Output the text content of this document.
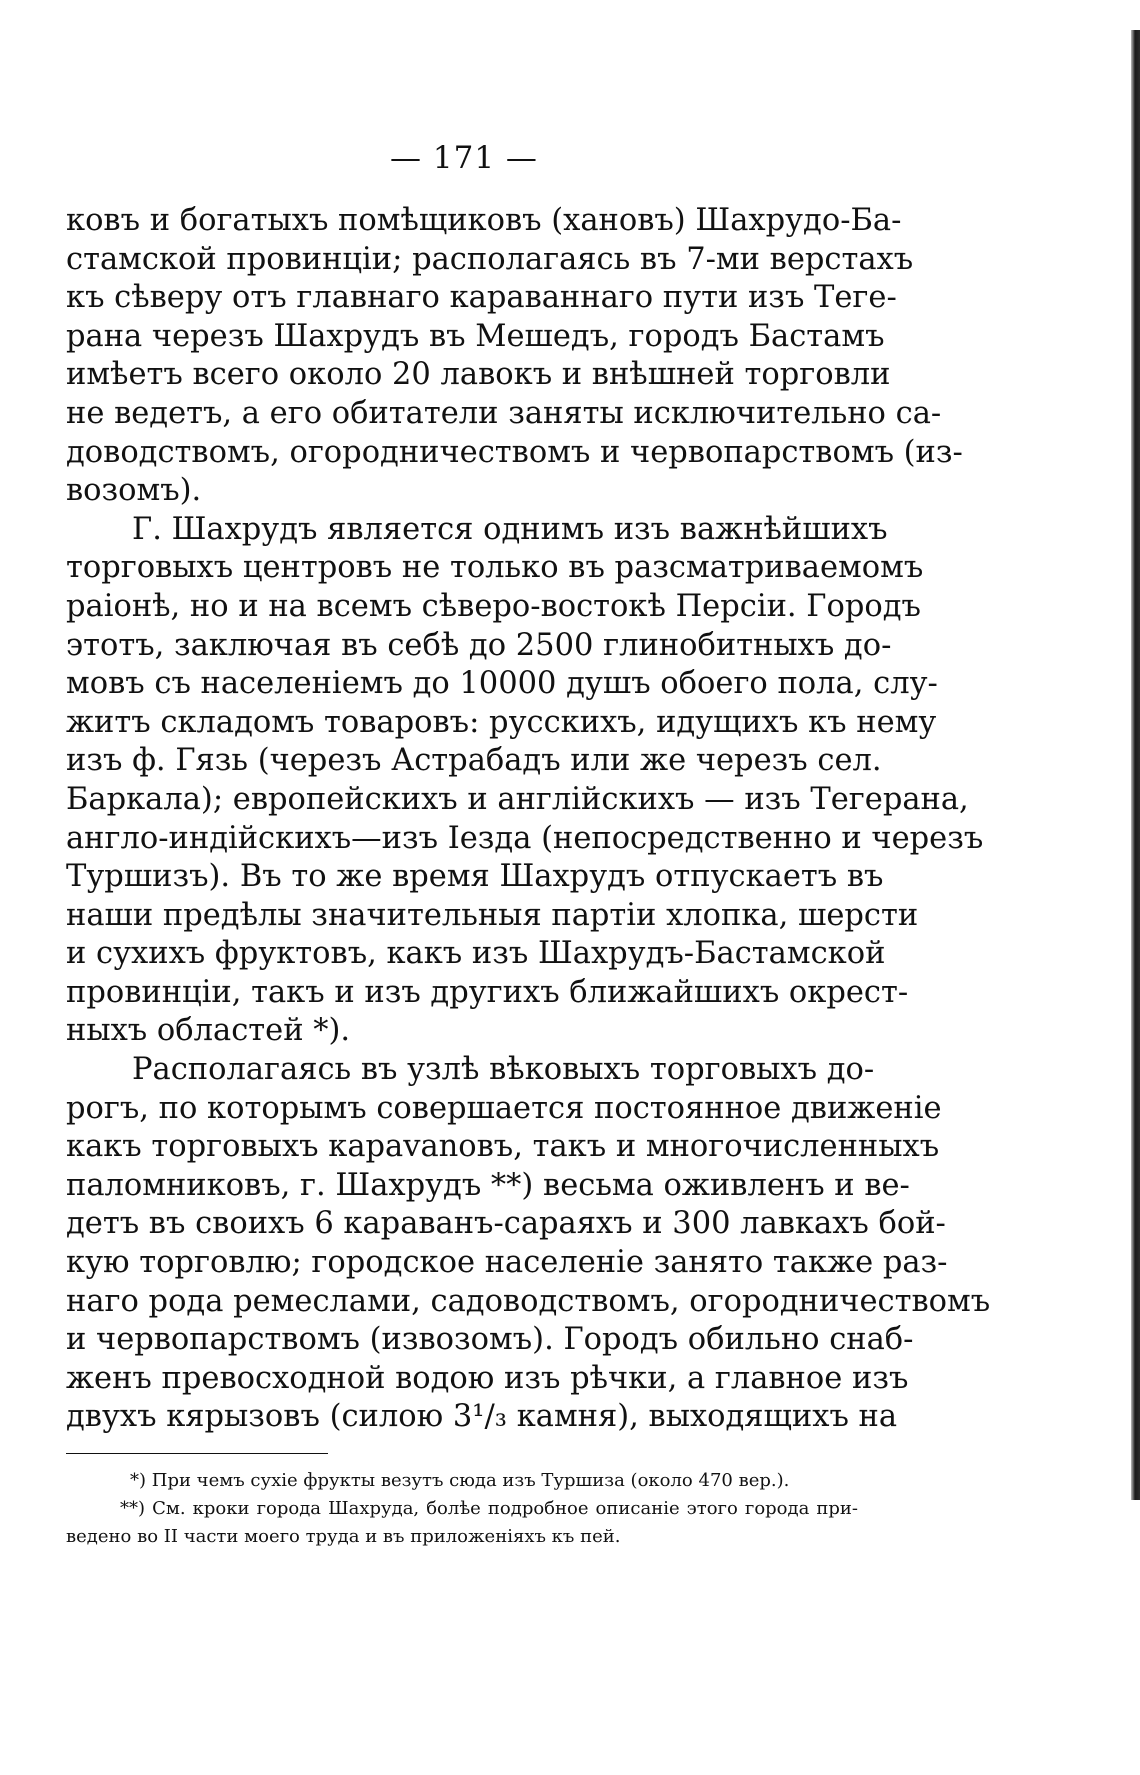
— 171 —
ковъ и богатыхъ помѣщиковъ (хановъ) Шахрудо-Ба-
стамской провинціи; располагаясь въ 7-ми верстахъ
къ сѣверу отъ главнаго караваннаго пути изъ Теге-
рана черезъ Шахрудъ въ Мешедъ, городъ Бастамъ
имѣетъ всего около 20 лавокъ и внѣшней торговли
не ведетъ, а его обитатели заняты исключительно са-
доводствомъ, огородничествомъ и червопарствомъ (из-
возомъ).
Г. Шахрудъ является однимъ изъ важнѣйшихъ
торговыхъ центровъ не только въ разсматриваемомъ
раіонѣ, но и на всемъ сѣверо-востокѣ Персіи. Городъ
этотъ, заключая въ себѣ до 2500 глинобитныхъ до-
мовъ съ населеніемъ до 10000 душъ обоего пола, слу-
житъ складомъ товаровъ: русскихъ, идущихъ къ нему
изъ ф. Гязь (черезъ Астрабадъ или же черезъ сел.
Баркала); европейскихъ и англійскихъ — изъ Тегерана,
англо-индійскихъ—изъ Іезда (непосредственно и черезъ
Туршизъ). Въ то же время Шахрудъ отпускаетъ въ
наши предѣлы значительныя партіи хлопка, шерсти
и сухихъ фруктовъ, какъ изъ Шахрудъ-Бастамской
провинціи, такъ и изъ другихъ ближайшихъ окрест-
ныхъ областей *).
Располагаясь въ узлѣ вѣковыхъ торговыхъ до-
рогъ, по которымъ совершается постоянное движеніе
какъ торговыхъ карavanовъ, такъ и многочисленныхъ
паломниковъ, г. Шахрудъ **) весьма оживленъ и ве-
детъ въ своихъ 6 караванъ-сараяхъ и 300 лавкахъ бой-
кую торговлю; городское населеніе занято также раз-
наго рода ремеслами, садоводствомъ, огородничествомъ
и червопарствомъ (извозомъ). Городъ обильно снаб-
женъ превосходной водою изъ рѣчки, а главное изъ
двухъ кярызовъ (силою 3¹/₃ камня), выходящихъ на
*) При чемъ сухіе фрукты везутъ сюда изъ Туршиза (около 470 вер.).
**) См. кроки города Шахруда, болѣе подробное описаніе этого города при-
ведено во II части моего труда и въ приложеніяхъ къ пей.
